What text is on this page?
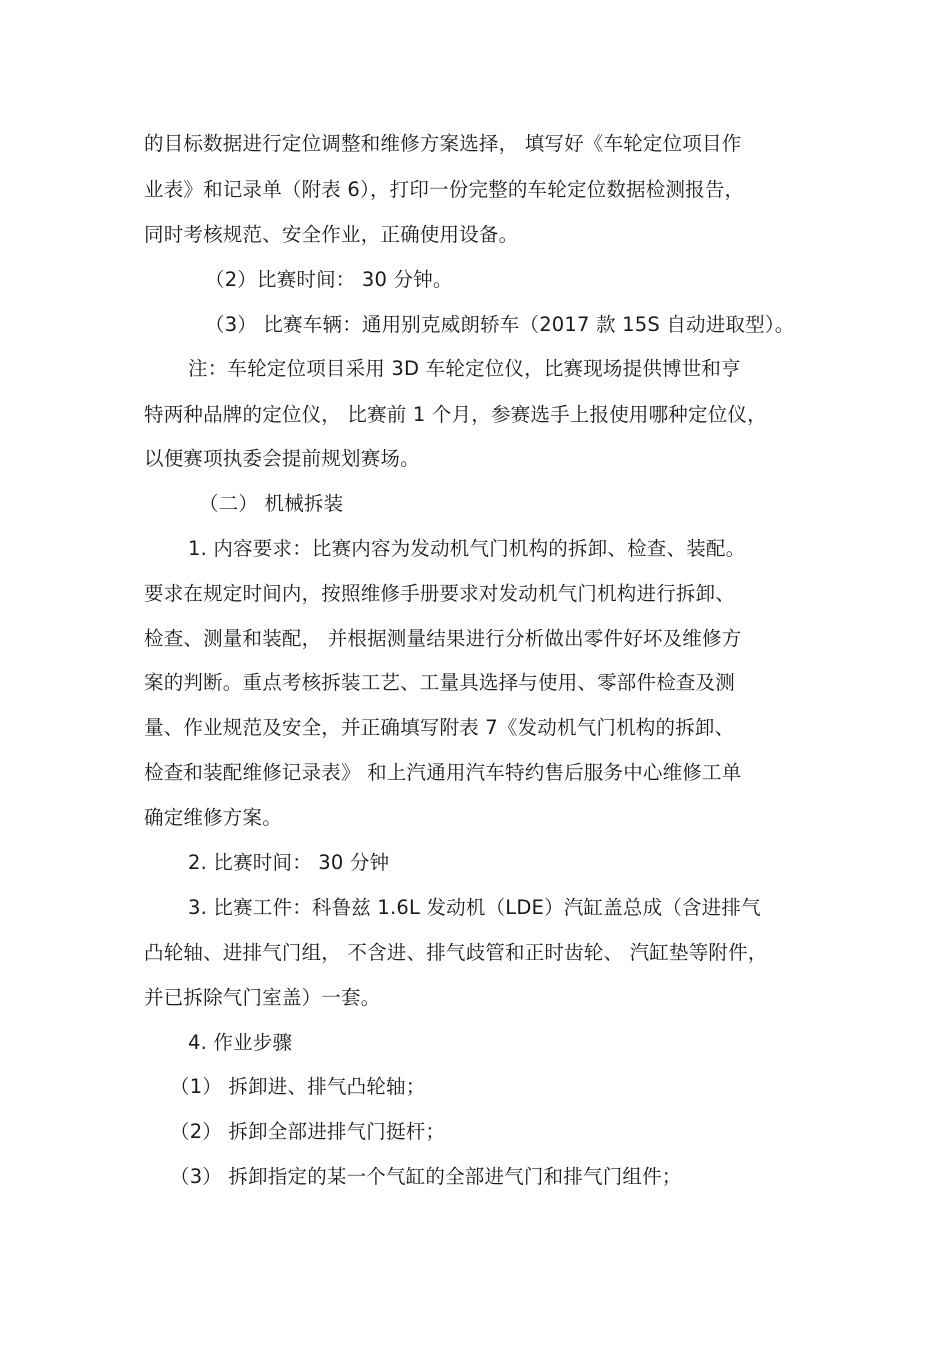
的目标数据进行定位调整和维修方案选择， 填写好《车轮定位项目作
业表》和记录单（附表 6），打印一份完整的车轮定位数据检测报告，
同时考核规范、安全作业，正确使用设备。
（2）比赛时间： 30 分钟。
（3） 比赛车辆：通用别克威朗轿车（2017 款 15S 自动进取型）。
注：车轮定位项目采用 3D 车轮定位仪，比赛现场提供博世和亨
特两种品牌的定位仪， 比赛前 1 个月，参赛选手上报使用哪种定位仪，
以便赛项执委会提前规划赛场。
（二） 机械拆装
1. 内容要求：比赛内容为发动机气门机构的拆卸、检查、装配。
要求在规定时间内，按照维修手册要求对发动机气门机构进行拆卸、
检查、测量和装配， 并根据测量结果进行分析做出零件好坏及维修方
案的判断。重点考核拆装工艺、工量具选择与使用、零部件检查及测
量、作业规范及安全，并正确填写附表 7《发动机气门机构的拆卸、
检查和装配维修记录表》 和上汽通用汽车特约售后服务中心维修工单
确定维修方案。
2. 比赛时间： 30 分钟
3. 比赛工件：科鲁兹 1.6L 发动机（LDE）汽缸盖总成（含进排气
凸轮轴、进排气门组， 不含进、排气歧管和正时齿轮、 汽缸垫等附件，
并已拆除气门室盖）一套。
4. 作业步骤
（1） 拆卸进、排气凸轮轴；
（2） 拆卸全部进排气门挺杆；
（3） 拆卸指定的某一个气缸的全部进气门和排气门组件；
